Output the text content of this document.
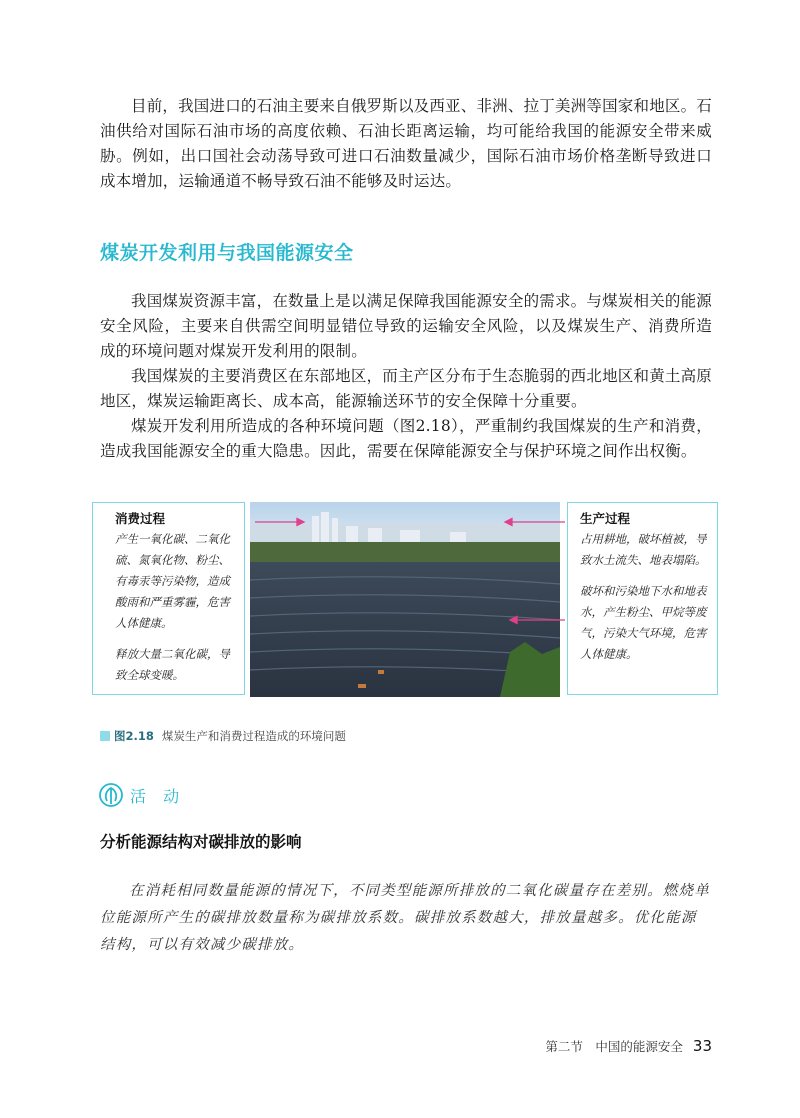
目前，我国进口的石油主要来自俄罗斯以及西亚、非洲、拉丁美洲等国家和地区。石油供给对国际石油市场的高度依赖、石油长距离运输，均可能给我国的能源安全带来威胁。例如，出口国社会动荡导致可进口石油数量减少，国际石油市场价格垄断导致进口成本增加，运输通道不畅导致石油不能够及时运达。

煤炭开发利用与我国能源安全

我国煤炭资源丰富，在数量上是以满足保障我国能源安全的需求。与煤炭相关的能源安全风险，主要来自供需空间明显错位导致的运输安全风险，以及煤炭生产、消费所造成的环境问题对煤炭开发利用的限制。

我国煤炭的主要消费区在东部地区，而主产区分布于生态脆弱的西北地区和黄土高原地区，煤炭运输距离长、成本高，能源输送环节的安全保障十分重要。

煤炭开发利用所造成的各种环境问题（图2.18），严重制约我国煤炭的生产和消费，造成我国能源安全的重大隐患。因此，需要在保障能源安全与保护环境之间作出权衡。

消费过程

产生一氧化碳、二氧化硫、氮氧化物、粉尘、有毒汞等污染物，造成酸雨和严重雾霾，危害人体健康。

释放大量二氧化碳，导致全球变暖。

生产过程

占用耕地，破坏植被，导致水土流失、地表塌陷。

破坏和污染地下水和地表水，产生粉尘、甲烷等废气，污染大气环境，危害人体健康。

图2.18 煤炭生产和消费过程造成的环境问题
活 动
分析能源结构对碳排放的影响

在消耗相同数量能源的情况下，不同类型能源所排放的二氧化碳量存在差别。燃烧单位能源所产生的碳排放数量称为碳排放系数。碳排放系数越大，排放量越多。优化能源结构，可以有效减少碳排放。

第二节　中国的能源安全 33
